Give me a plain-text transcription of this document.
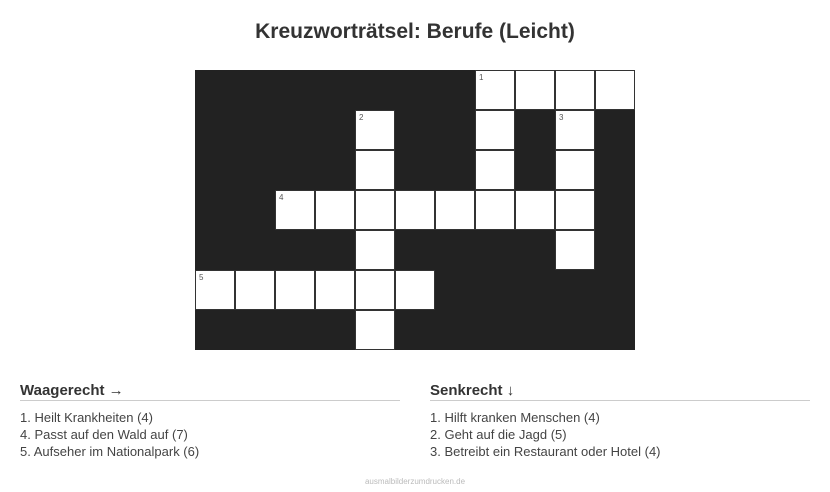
Kreuzworträtsel: Berufe (Leicht)
1
2	3
4
5
Waagerecht →
1. Heilt Krankheiten (4)
4. Passt auf den Wald auf (7)
5. Aufseher im Nationalpark (6)
Senkrecht ↓
1. Hilft kranken Menschen (4)
2. Geht auf die Jagd (5)
3. Betreibt ein Restaurant oder Hotel (4)
ausmalbilderzumdrucken.de
